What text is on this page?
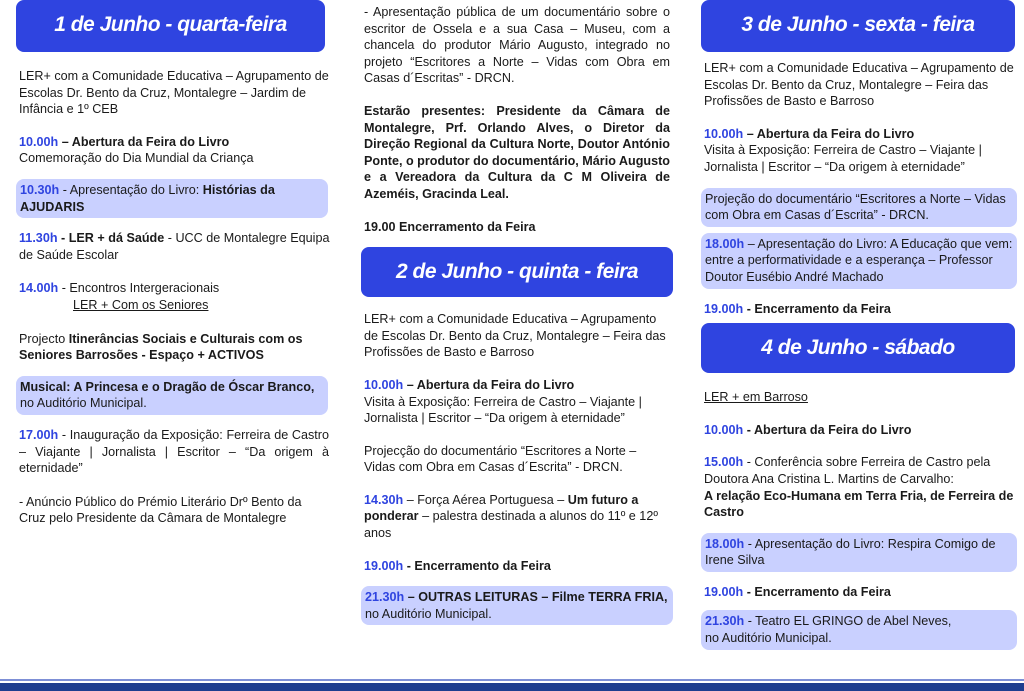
1 de Junho - quarta-feira
LER+ com a Comunidade Educativa – Agrupamento de Escolas Dr. Bento da Cruz, Montalegre – Jardim de Infância e 1º CEB
10.00h – Abertura da Feira do Livro
Comemoração do Dia Mundial da Criança
10.30h - Apresentação do Livro: Histórias da AJUDARIS
11.30h - LER + dá Saúde - UCC de Montalegre Equipa de Saúde Escolar
14.00h - Encontros Intergeracionais
LER + Com os Seniores
Projecto Itinerâncias Sociais e Culturais com os Seniores Barrosões - Espaço + ACTIVOS
Musical: A Princesa e o Dragão de Óscar Branco,
no Auditório Municipal.
17.00h - Inauguração da Exposição: Ferreira de Castro – Viajante | Jornalista | Escritor – “Da origem à eternidade”
- Anúncio Público do Prémio Literário Drº Bento da Cruz pelo Presidente da Câmara de Montalegre
- Apresentação pública de um documentário sobre o escritor de Ossela e a sua Casa – Museu, com a chancela do produtor Mário Augusto, integrado no projeto “Escritores a Norte – Vidas com Obra em Casas d´Escritas” - DRCN.
Estarão presentes: Presidente da Câmara de Montalegre, Prf. Orlando Alves, o Diretor da Direção Regional da Cultura Norte, Doutor António Ponte, o produtor do documentário, Mário Augusto e a Vereadora da Cultura da C M Oliveira de Azeméis, Gracinda Leal.
19.00 Encerramento da Feira
2 de Junho - quinta - feira
LER+ com a Comunidade Educativa – Agrupamento de Escolas Dr. Bento da Cruz, Montalegre – Feira das Profissões de Basto e Barroso
10.00h – Abertura da Feira do Livro
Visita à Exposição: Ferreira de Castro – Viajante | Jornalista | Escritor – “Da origem à eternidade”
Projecção do documentário “Escritores a Norte – Vidas com Obra em Casas d´Escrita” - DRCN.
14.30h – Força Aérea Portuguesa – Um futuro a ponderar – palestra destinada a alunos do 11º e 12º anos
19.00h - Encerramento da Feira
21.30h – OUTRAS LEITURAS – Filme TERRA FRIA,
no Auditório Municipal.
3 de Junho - sexta - feira
LER+ com a Comunidade Educativa – Agrupamento de Escolas Dr. Bento da Cruz, Montalegre – Feira das Profissões de Basto e Barroso
10.00h – Abertura da Feira do Livro
Visita à Exposição: Ferreira de Castro – Viajante | Jornalista | Escritor – “Da origem à eternidade”
Projeção do documentário “Escritores a Norte – Vidas com Obra em Casas d´Escrita” - DRCN.
18.00h – Apresentação do Livro: A Educação que vem: entre a performatividade e a esperança – Professor Doutor Eusébio André Machado
19.00h - Encerramento da Feira
4 de Junho - sábado
LER + em Barroso
10.00h - Abertura da Feira do Livro
15.00h - Conferência sobre Ferreira de Castro pela Doutora Ana Cristina L. Martins de Carvalho:
A relação Eco-Humana em Terra Fria, de Ferreira de Castro
18.00h - Apresentação do Livro: Respira Comigo de Irene Silva
19.00h - Encerramento da Feira
21.30h - Teatro EL GRINGO de Abel Neves,
no Auditório Municipal.
